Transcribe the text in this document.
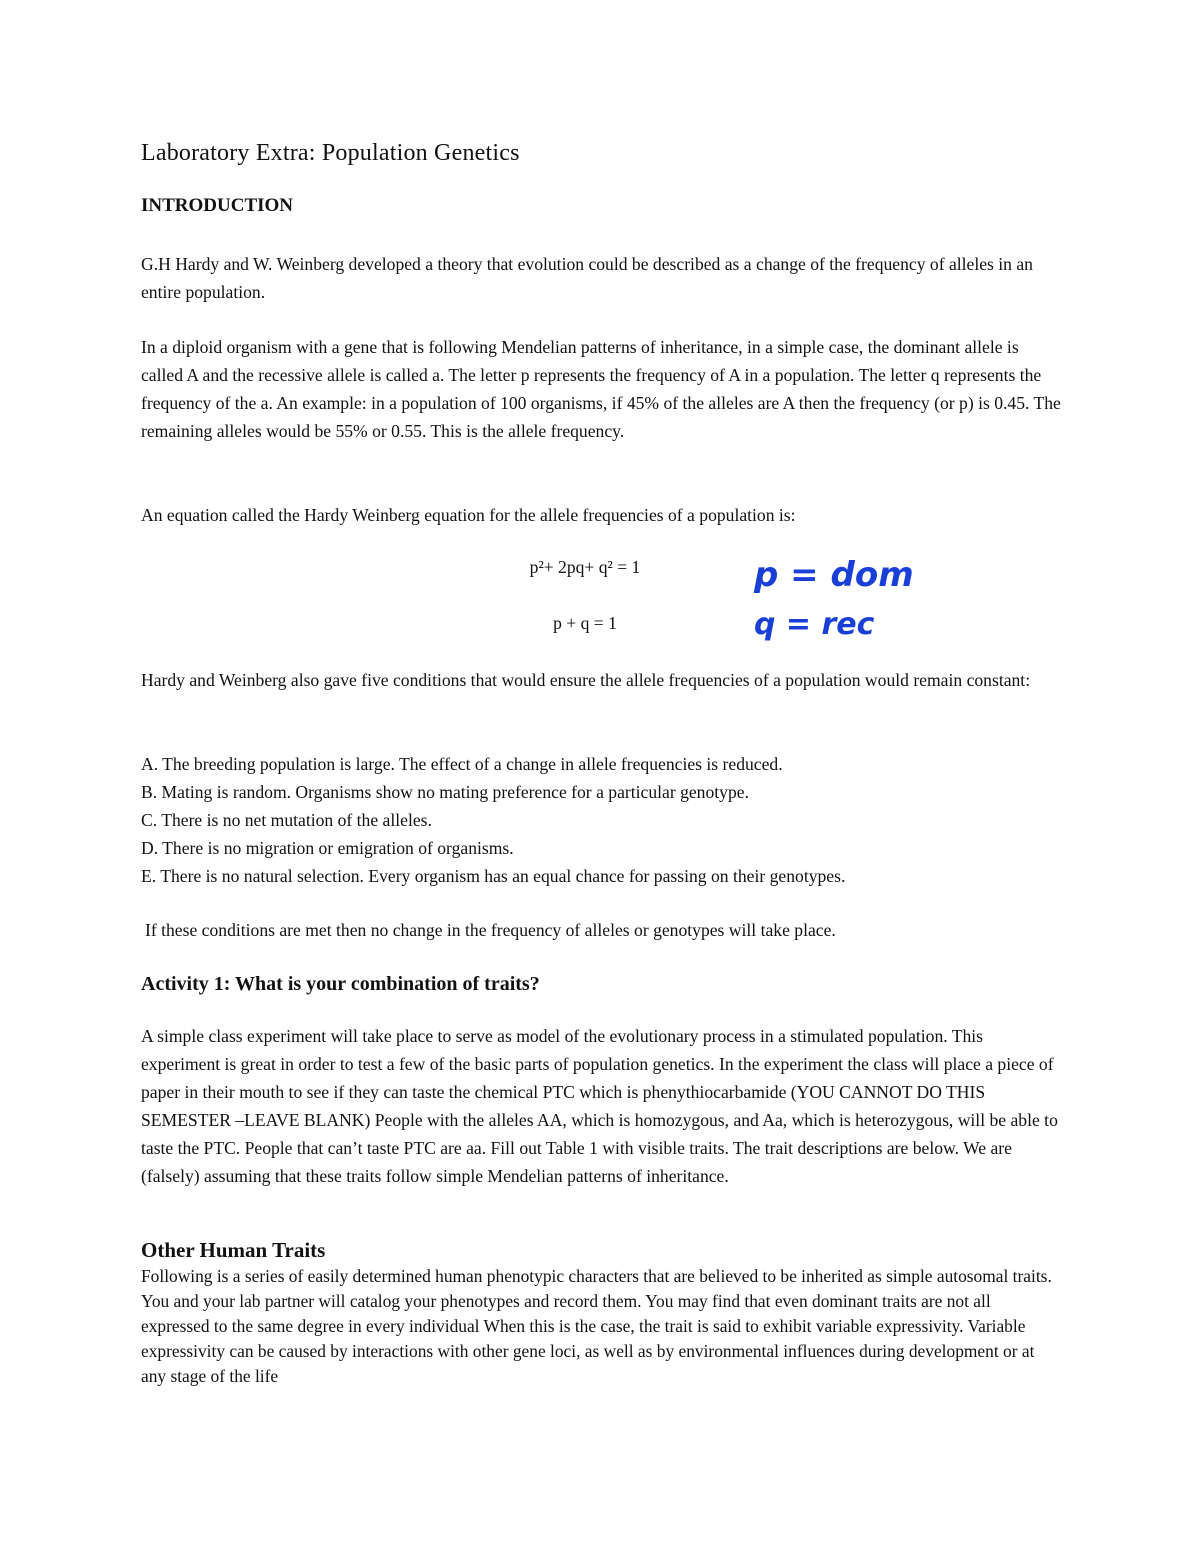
Laboratory Extra: Population Genetics
INTRODUCTION

G.H Hardy and W. Weinberg developed a theory that evolution could be described as a change of the frequency of alleles in an entire population.

In a diploid organism with a gene that is following Mendelian patterns of inheritance, in a simple case, the dominant allele is called A and the recessive allele is called a. The letter p represents the frequency of A in a population. The letter q represents the frequency of the a. An example: in a population of 100 organisms, if 45% of the alleles are A then the frequency (or p) is 0.45. The remaining alleles would be 55% or 0.55. This is the allele frequency.

An equation called the Hardy Weinberg equation for the allele frequencies of a population is:

p²+ 2pq+ q² = 1
p + q = 1
p = dom
q = rec

Hardy and Weinberg also gave five conditions that would ensure the allele frequencies of a population would remain constant:

A. The breeding population is large. The effect of a change in allele frequencies is reduced.
B. Mating is random. Organisms show no mating preference for a particular genotype.
C. There is no net mutation of the alleles.
D. There is no migration or emigration of organisms.
E. There is no natural selection. Every organism has an equal chance for passing on their genotypes.

If these conditions are met then no change in the frequency of alleles or genotypes will take place.

Activity 1: What is your combination of traits?

A simple class experiment will take place to serve as model of the evolutionary process in a stimulated population. This experiment is great in order to test a few of the basic parts of population genetics. In the experiment the class will place a piece of paper in their mouth to see if they can taste the chemical PTC which is phenythiocarbamide (YOU CANNOT DO THIS SEMESTER –LEAVE BLANK) People with the alleles AA, which is homozygous, and Aa, which is heterozygous, will be able to taste the PTC. People that can’t taste PTC are aa. Fill out Table 1 with visible traits. The trait descriptions are below. We are (falsely) assuming that these traits follow simple Mendelian patterns of inheritance.

Other Human Traits

Following is a series of easily determined human phenotypic characters that are believed to be inherited as simple autosomal traits. You and your lab partner will catalog your phenotypes and record them. You may find that even dominant traits are not all expressed to the same degree in every individual When this is the case, the trait is said to exhibit variable expressivity. Variable expressivity can be caused by interactions with other gene loci, as well as by environmental influences during development or at any stage of the life
